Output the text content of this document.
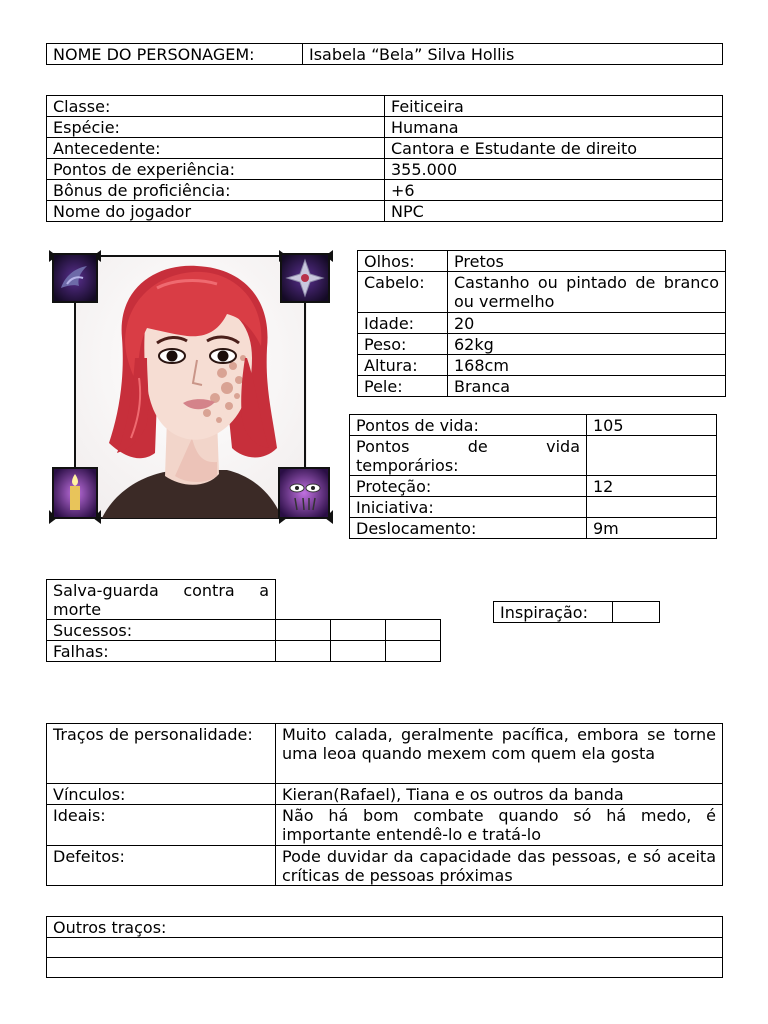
NOME DO PERSONAGEM:	Isabela “Bela” Silva Hollis
Classe:	Feiticeira
Espécie:	Humana
Antecedente:	Cantora e Estudante de direito
Pontos de experiência:	355.000
Bônus de proficiência:	+6
Nome do jogador	NPC
Olhos:	Pretos
Cabelo:	Castanho ou pintado de branco ou vermelho
Idade:	20
Peso:	62kg
Altura:	168cm
Pele:	Branca
Pontos de vida:	105
Pontos de vida temporários:	
Proteção:	12
Iniciativa:	
Deslocamento:	9m
Salva-guarda contra a morte			
Sucessos:			
Falhas:			
Inspiração:	
Traços de personalidade:	Muito calada, geralmente pacífica, embora se torne uma leoa quando mexem com quem ela gosta
Vínculos:	Kieran(Rafael), Tiana e os outros da banda
Ideais:	Não há bom combate quando só há medo, é importante entendê-lo e tratá-lo
Defeitos:	Pode duvidar da capacidade das pessoas, e só aceita críticas de pessoas próximas
Outros traços:
